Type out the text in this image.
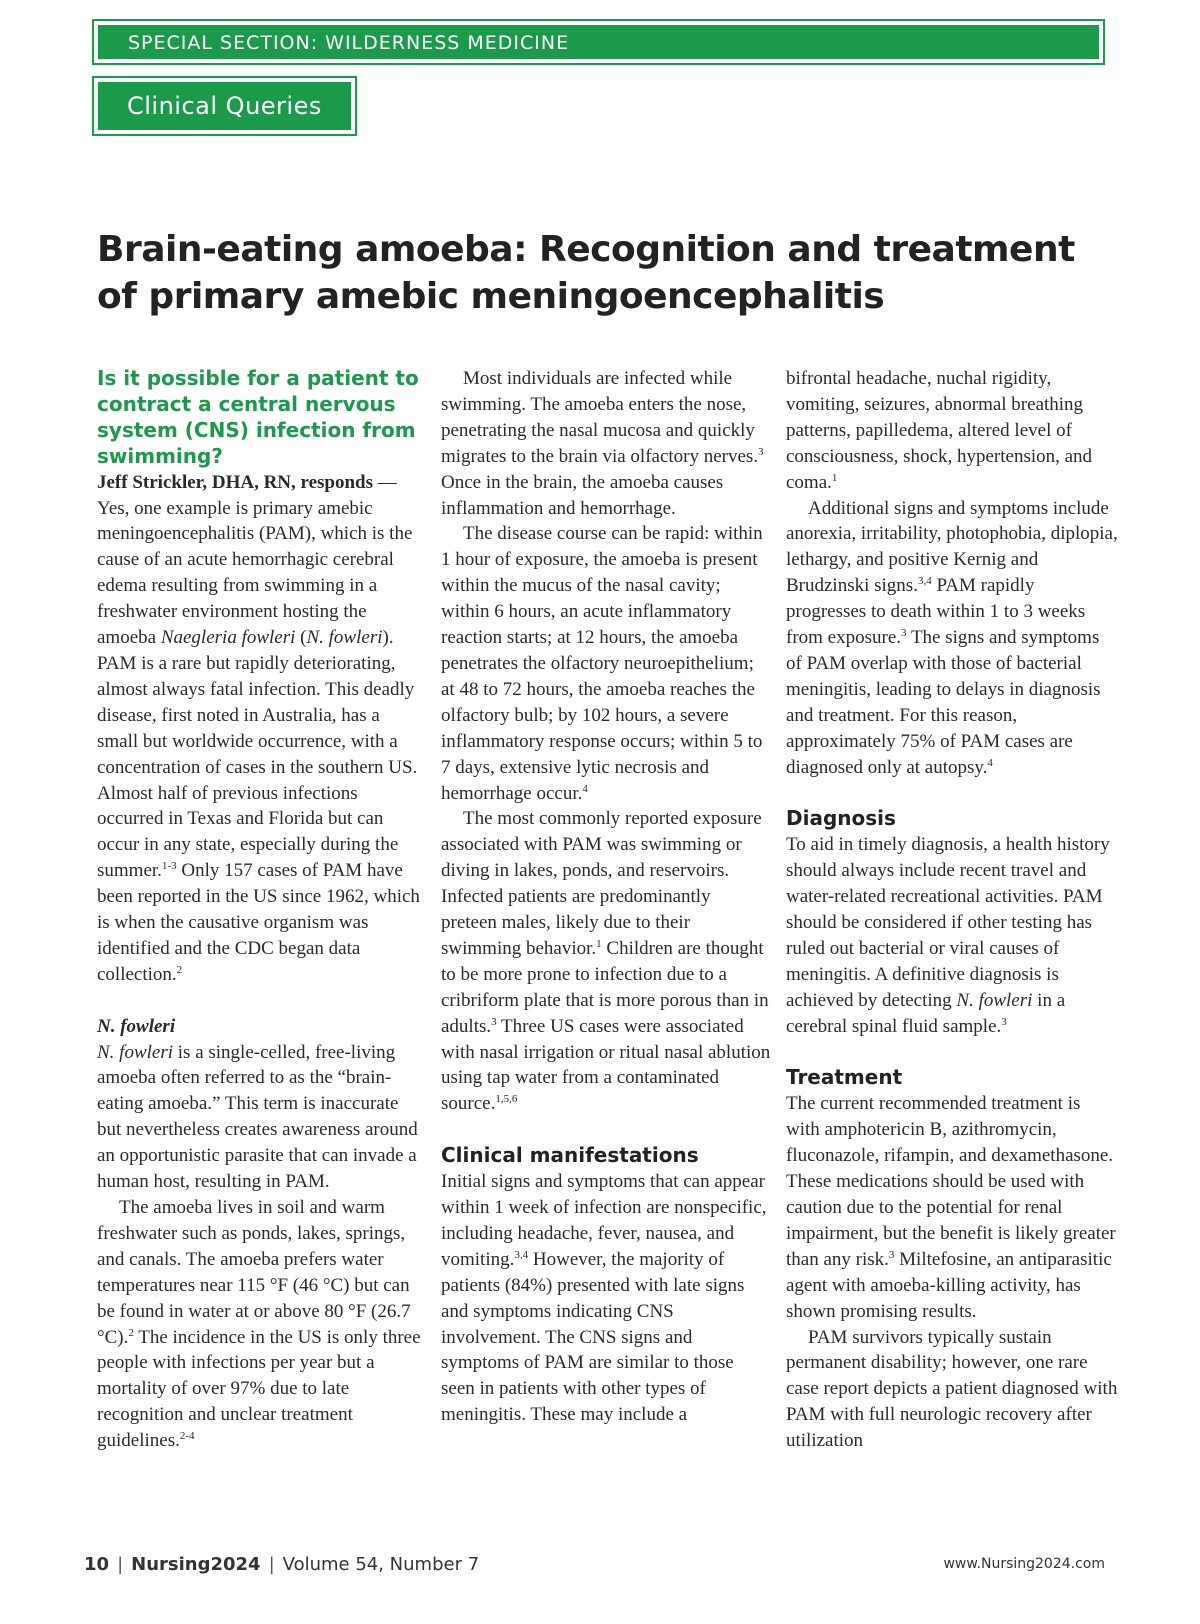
SPECIAL SECTION: WILDERNESS MEDICINE
Clinical Queries
Brain-eating amoeba: Recognition and treatment of primary amebic meningoencephalitis

Is it possible for a patient to contract a central nervous system (CNS) infection from swimming?

Jeff Strickler, DHA, RN, responds —Yes, one example is primary amebic meningoencephalitis (PAM), which is the cause of an acute hemorrhagic cerebral edema resulting from swimming in a freshwater environment hosting the amoeba Naegleria fowleri (N. fowleri). PAM is a rare but rapidly deteriorating, almost always fatal infection. This deadly disease, first noted in Australia, has a small but worldwide occurrence, with a concentration of cases in the southern US. Almost half of previous infections occurred in Texas and Florida but can occur in any state, especially during the summer.$^{1-3}$ Only 157 cases of PAM have been reported in the US since 1962, which is when the causative organism was identified and the CDC began data collection.$^2$

N. fowleri

N. fowleri is a single-celled, free-living amoeba often referred to as the “brain-eating amoeba.” This term is inaccurate but nevertheless creates awareness around an opportunistic parasite that can invade a human host, resulting in PAM.

The amoeba lives in soil and warm freshwater such as ponds, lakes, springs, and canals. The amoeba prefers water temperatures near 115 °F (46 °C) but can be found in water at or above 80 °F (26.7 °C).$^2$ The incidence in the US is only three people with infections per year but a mortality of over 97% due to late recognition and unclear treatment guidelines.$^{2-4}$

Most individuals are infected while swimming. The amoeba enters the nose, penetrating the nasal mucosa and quickly migrates to the brain via olfactory nerves.$^3$ Once in the brain, the amoeba causes inflammation and hemorrhage.

The disease course can be rapid: within 1 hour of exposure, the amoeba is present within the mucus of the nasal cavity; within 6 hours, an acute inflammatory reaction starts; at 12 hours, the amoeba penetrates the olfactory neuroepithelium; at 48 to 72 hours, the amoeba reaches the olfactory bulb; by 102 hours, a severe inflammatory response occurs; within 5 to 7 days, extensive lytic necrosis and hemorrhage occur.$^4$

The most commonly reported exposure associated with PAM was swimming or diving in lakes, ponds, and reservoirs. Infected patients are predominantly preteen males, likely due to their swimming behavior.$^1$ Children are thought to be more prone to infection due to a cribriform plate that is more porous than in adults.$^3$ Three US cases were associated with nasal irrigation or ritual nasal ablution using tap water from a contaminated source.$^{1,5,6}$

Clinical manifestations

Initial signs and symptoms that can appear within 1 week of infection are nonspecific, including headache, fever, nausea, and vomiting.$^{3,4}$ However, the majority of patients (84%) presented with late signs and symptoms indicating CNS involvement. The CNS signs and symptoms of PAM are similar to those seen in patients with other types of meningitis. These may include a

bifrontal headache, nuchal rigidity, vomiting, seizures, abnormal breathing patterns, papilledema, altered level of consciousness, shock, hypertension, and coma.$^1$

Additional signs and symptoms include anorexia, irritability, photophobia, diplopia, lethargy, and positive Kernig and Brudzinski signs.$^{3,4}$ PAM rapidly progresses to death within 1 to 3 weeks from exposure.$^3$ The signs and symptoms of PAM overlap with those of bacterial meningitis, leading to delays in diagnosis and treatment. For this reason, approximately 75% of PAM cases are diagnosed only at autopsy.$^4$

Diagnosis

To aid in timely diagnosis, a health history should always include recent travel and water-related recreational activities. PAM should be considered if other testing has ruled out bacterial or viral causes of meningitis. A definitive diagnosis is achieved by detecting N. fowleri in a cerebral spinal fluid sample.$^3$

Treatment

The current recommended treatment is with amphotericin B, azithromycin, fluconazole, rifampin, and dexamethasone. These medications should be used with caution due to the potential for renal impairment, but the benefit is likely greater than any risk.$^3$ Miltefosine, an antiparasitic agent with amoeba-killing activity, has shown promising results.

PAM survivors typically sustain permanent disability; however, one rare case report depicts a patient diagnosed with PAM with full neurologic recovery after utilization

10 | Nursing2024 | Volume 54, Number 7	www.Nursing2024.com
